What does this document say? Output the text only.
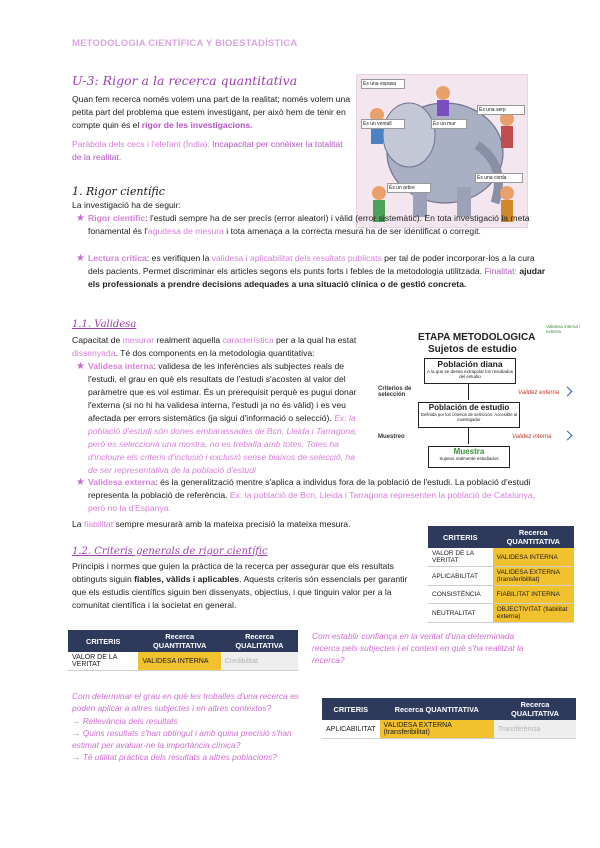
METODOLOGIA CIENTÍFICA Y BIOESTADÍSTICA
U-3: Rigor a la recerca quantitativa
Quan fem recerca només volem una part de la realitat; només volem una petita part del problema que estem investigant, per això hem de tenir en compte quin és el rigor de les investigacions.
Paràbola dels cecs i l'elefant (Índia): Incapacitat per conèixer la totalitat de la realitat.
És una espasa
És una serp
És un ventall	És un mur
És una corda
És un arbre
1. Rigor científic
La investigació ha de seguir:
★ Rigor científic: l'estudi sempre ha de ser precís (error aleatori) i vàlid (error sistemàtic). En tota investigació la meta fonamental és l'agudesa de mesura i tota amenaça a la correcta mesura ha de ser identificat o corregit.
★ Lectura crítica: es verifiquen la validesa i aplicabilitat dels resultats publicats per tal de poder incorporar-los a la cura dels pacients. Permet discriminar els articles segons els punts forts i febles de la metodologia utilitzada. Finalitat: ajudar els professionals a prendre decisions adequades a una situació clínica o de gestió concreta.
1.1. Validesa
Capacitat de mesurar realment aquella característica per a la qual ha estat dissenyada. Té dos components en la metodologia quantitativa:
★ Validesa interna: validesa de les inferències als subjectes reals de l'estudi, el grau en què els resultats de l'estudi s'acosten al valor del paràmetre que es vol estimar. És un prerequisit perquè es pugui donar l'externa (si no hi ha validesa interna, l'estudi ja no és vàlid) i es veu afectada per errors sistemàtics (ja sigui d'informació o selecció). Ex: la població d'estudi són dones embarassades de Bcn, Lleida i Tarragona, però es selecciona una mostra, no es treballa amb totes. Totes ha d'incloure els criteris d'inclusió i exclusió sense biaixos de selecció, ha de ser representativa de la població d'estudi
★ Validesa externa: és la generalització mentre s'aplica a individus fora de la població de l'estudi. La població d'estudi representa la població de referència. Ex: la població de Bcn, Lleida i Tarragona representen la població de Catalunya, però no la d'Espanya.
La fiabilitat sempre mesurarà amb la mateixa precisió la mateixa mesura.
Validesa interna i externa
ETAPA METODOLOGICA
Sujetos de estudio
Población diana
A la que se desea extrapolar los resultados del estudio
Población de estudio
Definida por los criterios de selección. Accesible al investigador
Muestra
Sujetos realmente estudiados
Criterios de selección
Muestreo
Validez externa
Validez interna
CRITERIS	Recerca QUANTITATIVA
VALOR DE LA VERITAT	VALIDESA INTERNA
APLICABILITAT	VALIDESA EXTERNA (transferibilitat)
CONSISTÈNCIA	FIABILITAT INTERNA
NEUTRALITAT	OBJECTIVITAT (fiabilitat externa)
1.2. Criteris generals de rigor científic
Principis i normes que guien la pràctica de la recerca per assegurar que els resultats obtinguts siguin fiables, vàlids i aplicables. Aquests criteris són essencials per garantir que els estudis científics siguin ben dissenyats, objectius, i que tinguin valor per a la comunitat científica i la societat en general.
CRITERIS	Recerca QUANTITATIVA	Recerca QUALITATIVA
VALOR DE LA VERITAT	VALIDESA INTERNA	Credibilitat
Com establir confiança en la veritat d'una determinada recerca pels subjectes i el context en què s'ha realitzat la recerca?
Com determinar el grau en què les troballes d'una recerca es poden aplicar a altres subjectes i en altres contextos?
→ Rellevància dels resultats
→ Quins resultats s'han obtingut i amb quina precisió s'han estimat per avaluar-ne la importància clínica?
→ Té utilitat pràctica dels resultats a altres poblacions?
CRITERIS	Recerca QUANTITATIVA	Recerca QUALITATIVA
APLICABILITAT	VALIDESA EXTERNA (transferibilitat)	Transferència
